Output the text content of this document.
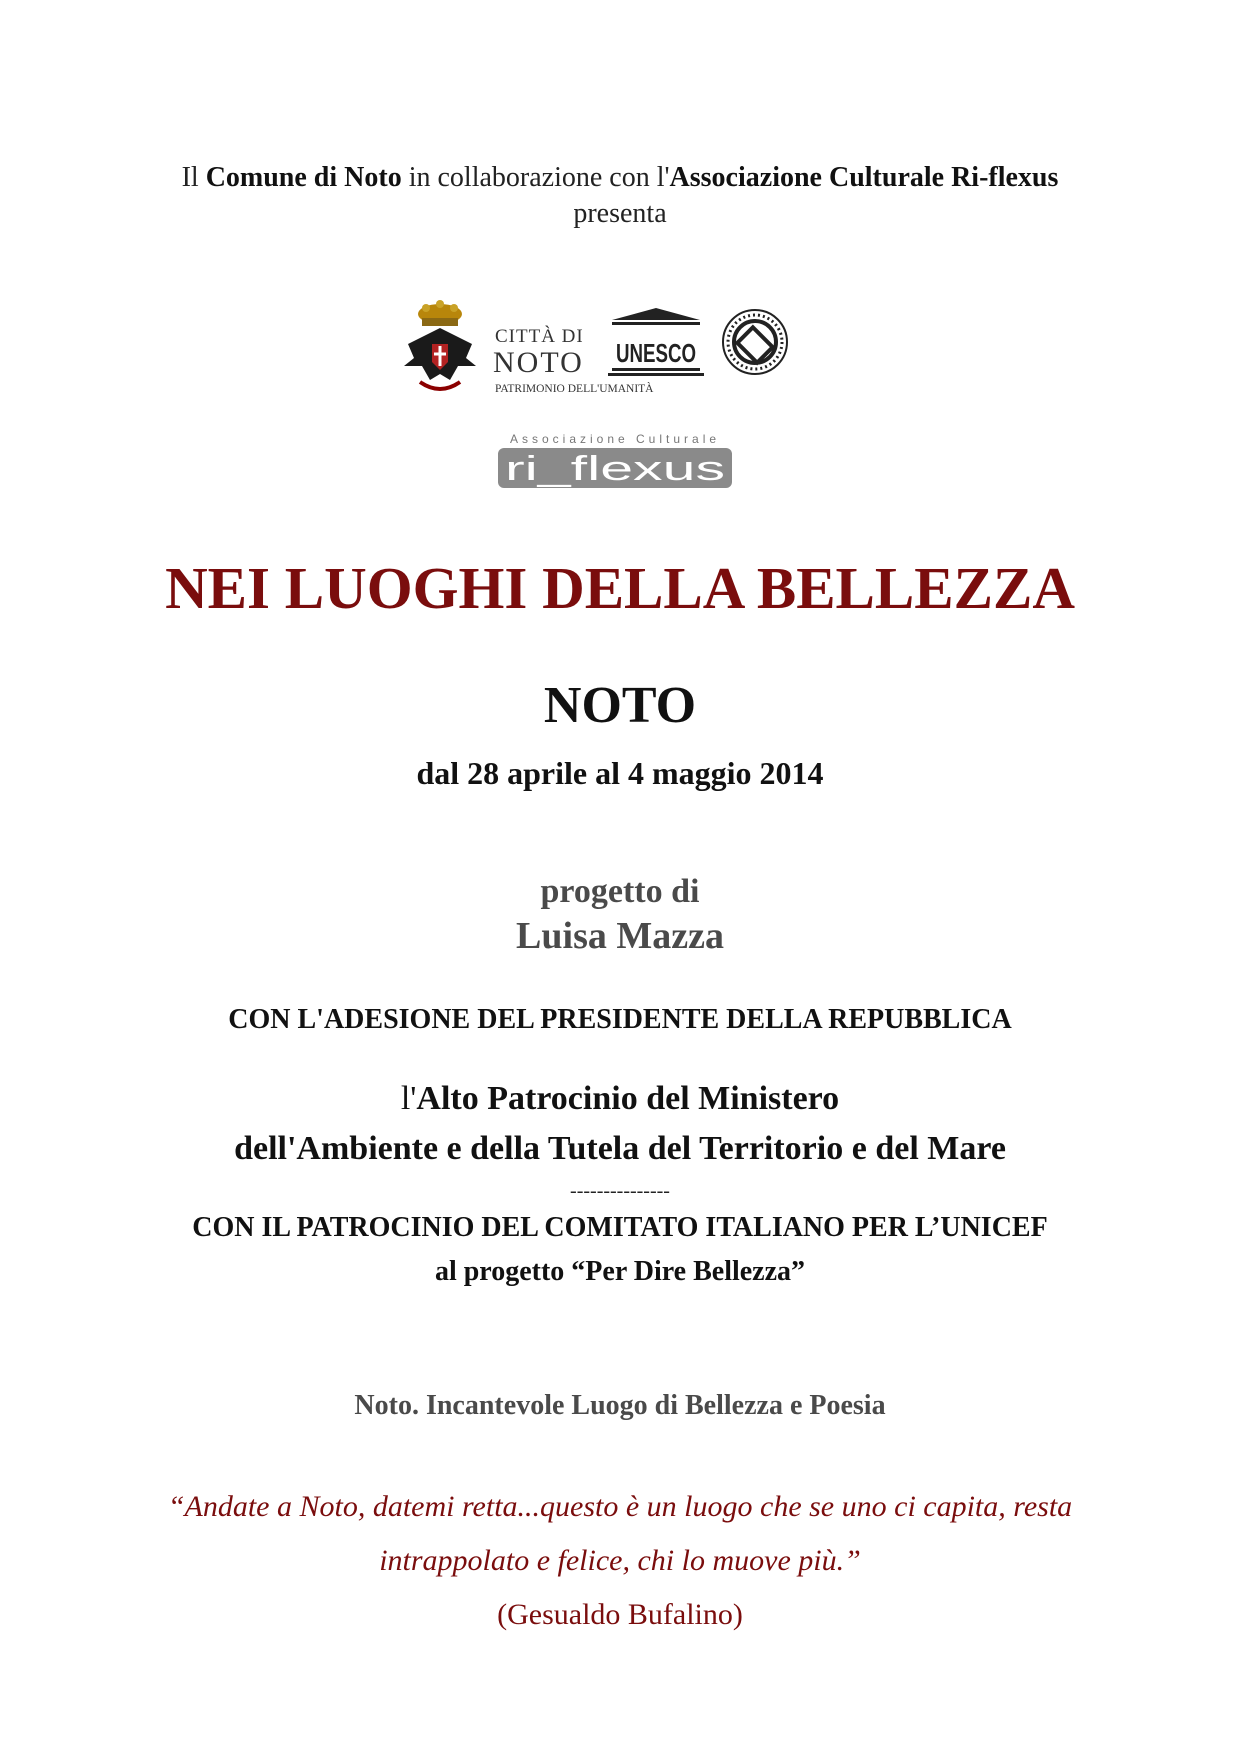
Il Comune di Noto in collaborazione con l'Associazione Culturale Ri-flexus
presenta
CITTÀ DI
NOTO
PATRIMONIO DELL'UMANITÀ
UNESCO
Associazione Culturale
ri_flexus
NEI LUOGHI DELLA BELLEZZA
NOTO
dal 28 aprile al 4 maggio 2014
progetto di
Luisa Mazza
CON L'ADESIONE DEL PRESIDENTE DELLA REPUBBLICA
l'Alto Patrocinio del Ministero
dell'Ambiente e della Tutela del Territorio e del Mare
---------------
CON IL PATROCINIO DEL COMITATO ITALIANO PER L’UNICEF
al progetto “Per Dire Bellezza”
Noto. Incantevole Luogo di Bellezza e Poesia
“Andate a Noto, datemi retta...questo è un luogo che se uno ci capita, resta
intrappolato e felice, chi lo muove più.”
(Gesualdo Bufalino)
